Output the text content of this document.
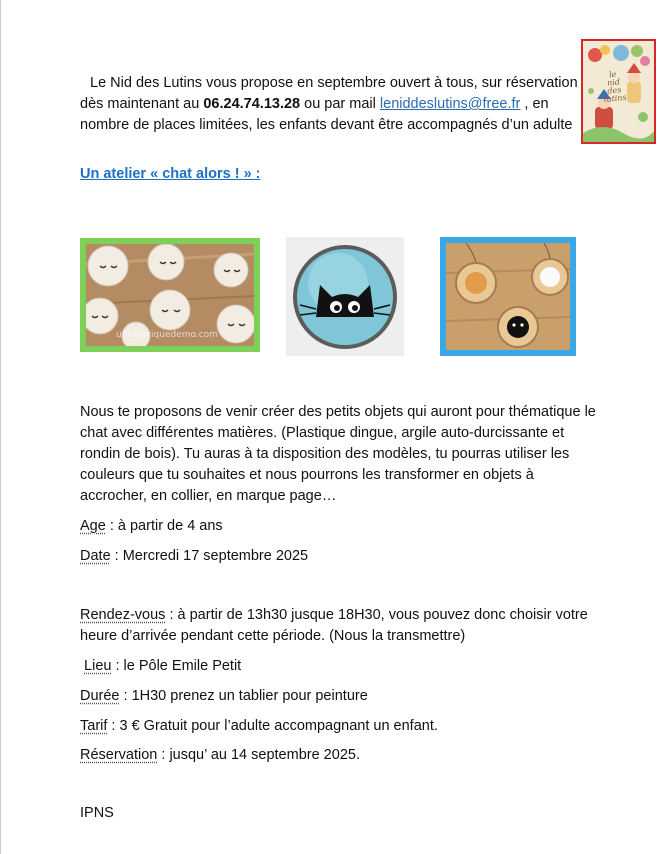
le
nid
des
lutins
Le Nid des Lutins vous propose en septembre ouvert à tous, sur réservation dès maintenant au 06.24.74.13.28 ou par mail leniddeslutins@free.fr , en nombre de places limitées, les enfants devant être accompagnés d’un adulte
Un atelier « chat alors ! » :
unefabriquedemo.com
Nous te proposons de venir créer des petits objets qui auront pour thématique le chat avec différentes matières. (Plastique dingue, argile auto-durcissante et rondin de bois). Tu auras à ta disposition des modèles, tu pourras utiliser les couleurs que tu souhaites et nous pourrons les transformer en objets à accrocher, en collier, en marque page…
Age : à partir de 4 ans
Date : Mercredi 17 septembre 2025
Rendez-vous : à partir de 13h30 jusque 18H30, vous pouvez donc choisir votre heure d’arrivée pendant cette période. (Nous la transmettre)
Lieu : le Pôle Emile Petit
Durée : 1H30 prenez un tablier pour peinture
Tarif : 3 € Gratuit pour l’adulte accompagnant un enfant.
Réservation : jusqu’ au 14 septembre 2025.
IPNS
